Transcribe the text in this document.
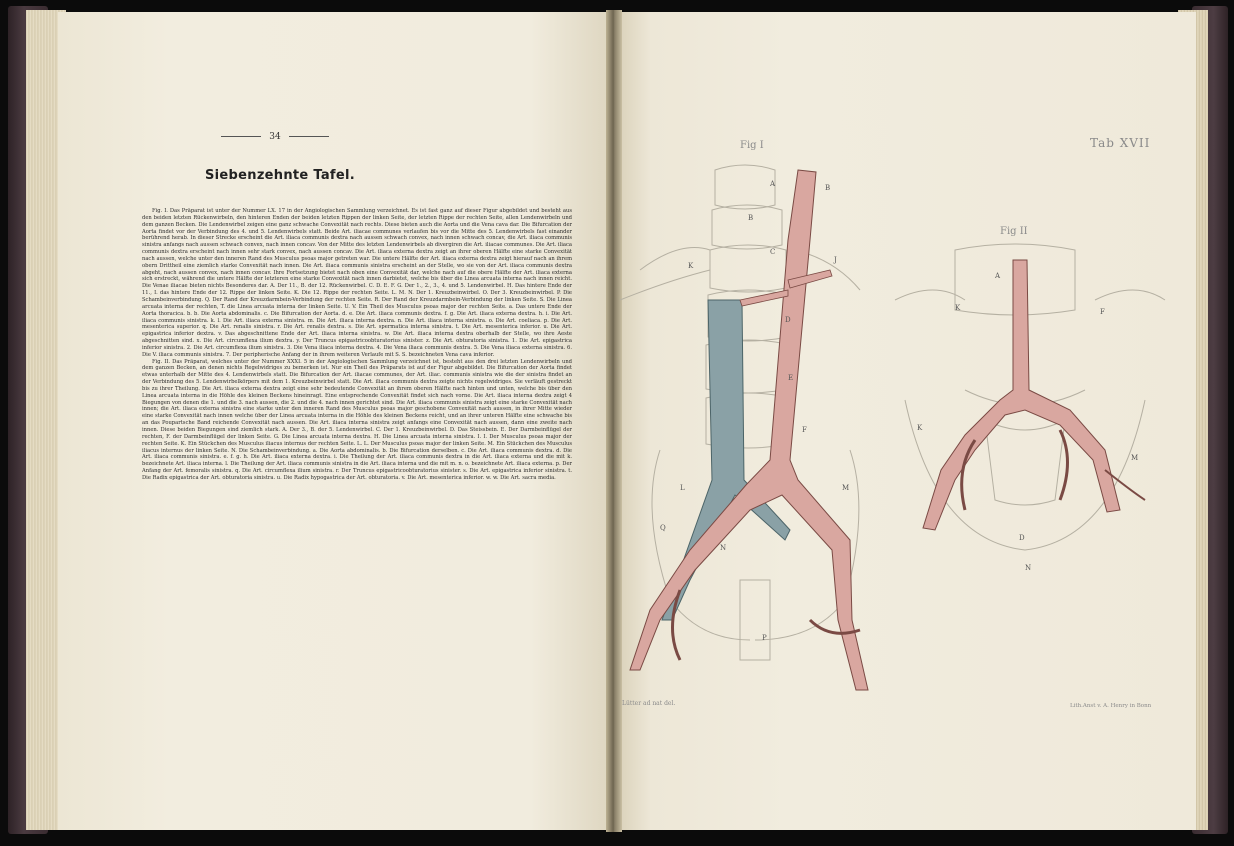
34
Siebenzehnte Tafel.

Fig. I. Das Präparat ist unter der Nummer LX. 17 in der Angiologischen Sammlung verzeichnet. Es ist fast ganz auf dieser Figur abgebildet und besteht aus den beiden letzten Rückenwirbeln, den hinteren Enden der beiden letzten Rippen der linken Seite, der letzten Rippe der rechten Seite, allen Lendenwirbeln und dem ganzen Becken. Die Lendenwirbel zeigen eine ganz schwache Convexität nach rechts. Diese bieten auch die Aorta und die Vena cava dar. Die Bifurcation der Aorta findet vor der Verbindung des 4. und 5. Lendenwirbels statt. Beide Art. iliacae communes verlaufen bis vor die Mitte des 5. Lendenwirbels fast einander berührend herab. In dieser Strecke erscheint die Art. iliaca communis dextra nach aussen schwach convex, nach innen schwach concav, die Art. iliaca communis sinistra anfangs nach aussen schwach convex, nach innen concav. Von der Mitte des letzten Lendenwirbels ab divergiren die Art. iliacae communes. Die Art. iliaca communis dextra erscheint nach innen sehr stark convex, nach aussen concav. Die Art. iliaca externa dextra zeigt an ihrer oberen Hälfte eine starke Convexität nach aussen, welche unter den inneren Rand des Musculus psoas major getreten war. Die untere Hälfte der Art. iliaca externa dextra zeigt hierauf nach an ihrem obern Drittheil eine ziemlich starke Convexität nach innen. Die Art. iliaca communis sinistra erscheint an der Stelle, wo sie von der Art. iliaca communis dextra abgeht, nach aussen convex, nach innen concav. Ihre Fortsetzung bietet nach oben eine Convexität dar, welche nach auf die obere Hälfte der Art. iliaca externa sich erstreckt, während die untere Hälfte der letzteren eine starke Convexität nach innen darbietet, welche bis über die Linea arcuata interna nach innen reicht. Die Venae iliacae bieten nichts Besonderes dar. A. Der 11., B. der 12. Rückenwirbel. C. D. E. F. G. Der 1., 2., 3., 4. und 5. Lendenwirbel. H. Das hintere Ende der 11., I. das hintere Ende der 12. Rippe der linken Seite. K. Die 12. Rippe der rechten Seite. L. M. N. Der 1. Kreuzbeinwirbel. O. Der 3. Kreuzbeinwirbel. P. Die Schambeinverbindung. Q. Der Rand der Kreuzdarmbein-Verbindung der rechten Seite. R. Der Rand der Kreuzdarmbein-Verbindung der linken Seite. S. Die Linea arcuata interna der rechten, T. die Linea arcuata interna der linken Seite. U. V. Ein Theil des Musculus psoas major der rechten Seite. a. Das untere Ende der Aorta thoracica. b. b. Die Aorta abdominalis. c. Die Bifurcation der Aorta. d. e. Die Art. iliaca communis dextra. f. g. Die Art. iliaca externa dextra. h. i. Die Art. iliaca communis sinistra. k. l. Die Art. iliaca externa sinistra. m. Die Art. iliaca interna dextra. n. Die Art. iliaca interna sinistra. o. Die Art. coeliaca. p. Die Art. mesenterica superior. q. Die Art. renalis sinistra. r. Die Art. renalis dextra. s. Die Art. spermatica interna sinistra. t. Die Art. mesenterica inferior. u. Die Art. epigastrica inferior dextra. v. Das abgeschnittene Ende der Art. iliaca interna sinistra. w. Die Art. iliaca interna dextra oberhalb der Stelle, wo ihre Aeste abgeschnitten sind. x. Die Art. circumflexa ilium dextra. y. Der Truncus epigastricoobturatorius sinister. z. Die Art. obturatoria sinistra. 1. Die Art. epigastrica inferior sinistra. 2. Die Art. circumflexa ilium sinistra. 3. Die Vena iliaca interna dextra. 4. Die Vena iliaca communis dextra. 5. Die Vena iliaca externa sinistra. 6. Die V. iliaca communis sinistra. 7. Der peripherische Anfang der in ihrem weiteren Verlaufe mit S. S. bezeichneten Vena cava inferior.

Fig. II. Das Präparat, welches unter der Nummer XXXI. 5 in der Angiologischen Sammlung verzeichnet ist, besteht aus den drei letzten Lendenwirbeln und dem ganzen Becken, an denen nichts Regelwidriges zu bemerken ist. Nur ein Theil des Präparats ist auf der Figur abgebildet. Die Bifurcation der Aorta findet etwas unterhalb der Mitte des 4. Lendenwirbels statt. Die Bifurcation der Art. iliacae communes, der Art. iliac. communis sinistra wie die der sinistra findet an der Verbindung des 5. Lendenwirbelkörpers mit dem 1. Kreuzbeinwirbel statt. Die Art. iliaca communis dextra zeigte nichts regelwidriges. Sie verläuft gestreckt bis zu ihrer Theilung. Die Art. iliaca externa dextra zeigt eine sehr bedeutende Convexität an ihrem oberen Hälfte nach hinten und unten, welche bis über den Linea arcuata interna in die Höhle des kleinen Beckens hineinragt. Eine entsprechende Convexität findet sich nach vorne. Die Art. iliaca interna dextra zeigt 4 Biegungen von denen die 1. und die 3. nach aussen, die 2. und die 4. nach innen gerichtet sind. Die Art. iliaca communis sinistra zeigt eine starke Convexität nach innen; die Art. iliaca externa sinistra eine starke unter den inneren Rand des Musculus psoas major geschobene Convexität nach aussen, in ihrer Mitte wieder eine starke Convexität nach innen welche über der Linea arcuata interna in die Höhle des kleinen Beckens reicht, und an ihrer unteren Hälfte eine schwache bis an das Poupartsche Band reichende Convexität nach aussen. Die Art. iliaca interna sinistra zeigt anfangs eine Convexität nach aussen, dann eine zweite nach innen. Diese beiden Biegungen sind ziemlich stark. A. Der 3., B. der 5. Lendenwirbel. C. Der 1. Kreuzbeinwirbel. D. Das Steissbein. E. Der Darmbeinflügel der rechten, F. der Darmbeinflügel der linken Seite. G. Die Linea arcuata interna dextra. H. Die Linea arcuata interna sinistra. I. I. Der Musculus psoas major der rechten Seite. K. Ein Stückchen des Musculus iliacus internus der rechten Seite. L. L. Der Musculus psoas major der linken Seite. M. Ein Stückchen des Musculus iliacus internus der linken Seite. N. Die Schambeinverbindung. a. Die Aorta abdominalis. b. Die Bifurcation derselben. c. Die Art. iliaca communis dextra. d. Die Art. iliaca communis sinistra. e. f. g. h. Die Art. iliaca externa dextra. i. Die Theilung der Art. iliaca communis dextra in die Art. iliaca externa und die mit k. bezeichnete Art. iliaca interna. l. Die Theilung der Art. iliaca communis sinistra in die Art. iliaca interna und die mit m. n. o. bezeichnete Art. iliaca externa. p. Der Anfang der Art. femoralis sinistra. q. Die Art. circumflexa ilium sinistra. r. Der Truncus epigastricoobturatorius sinister. s. Die Art. epigastrica inferior sinistra. t. Die Radix epigastrica der Art. obturatoria sinistra. u. Die Radix hypogastrica der Art. obturatoria. v. Die Art. mesenterica inferior. w. w. Die Art. sacra media.

Tab XVII
Fig I
Fig II
Lütter ad nat del.	Lith.Anst v. A. Henry in Bonn
A	B
B
K
J
C
D
E
F
M
L
Q
N
P
A
K	F
K
M
D
N
